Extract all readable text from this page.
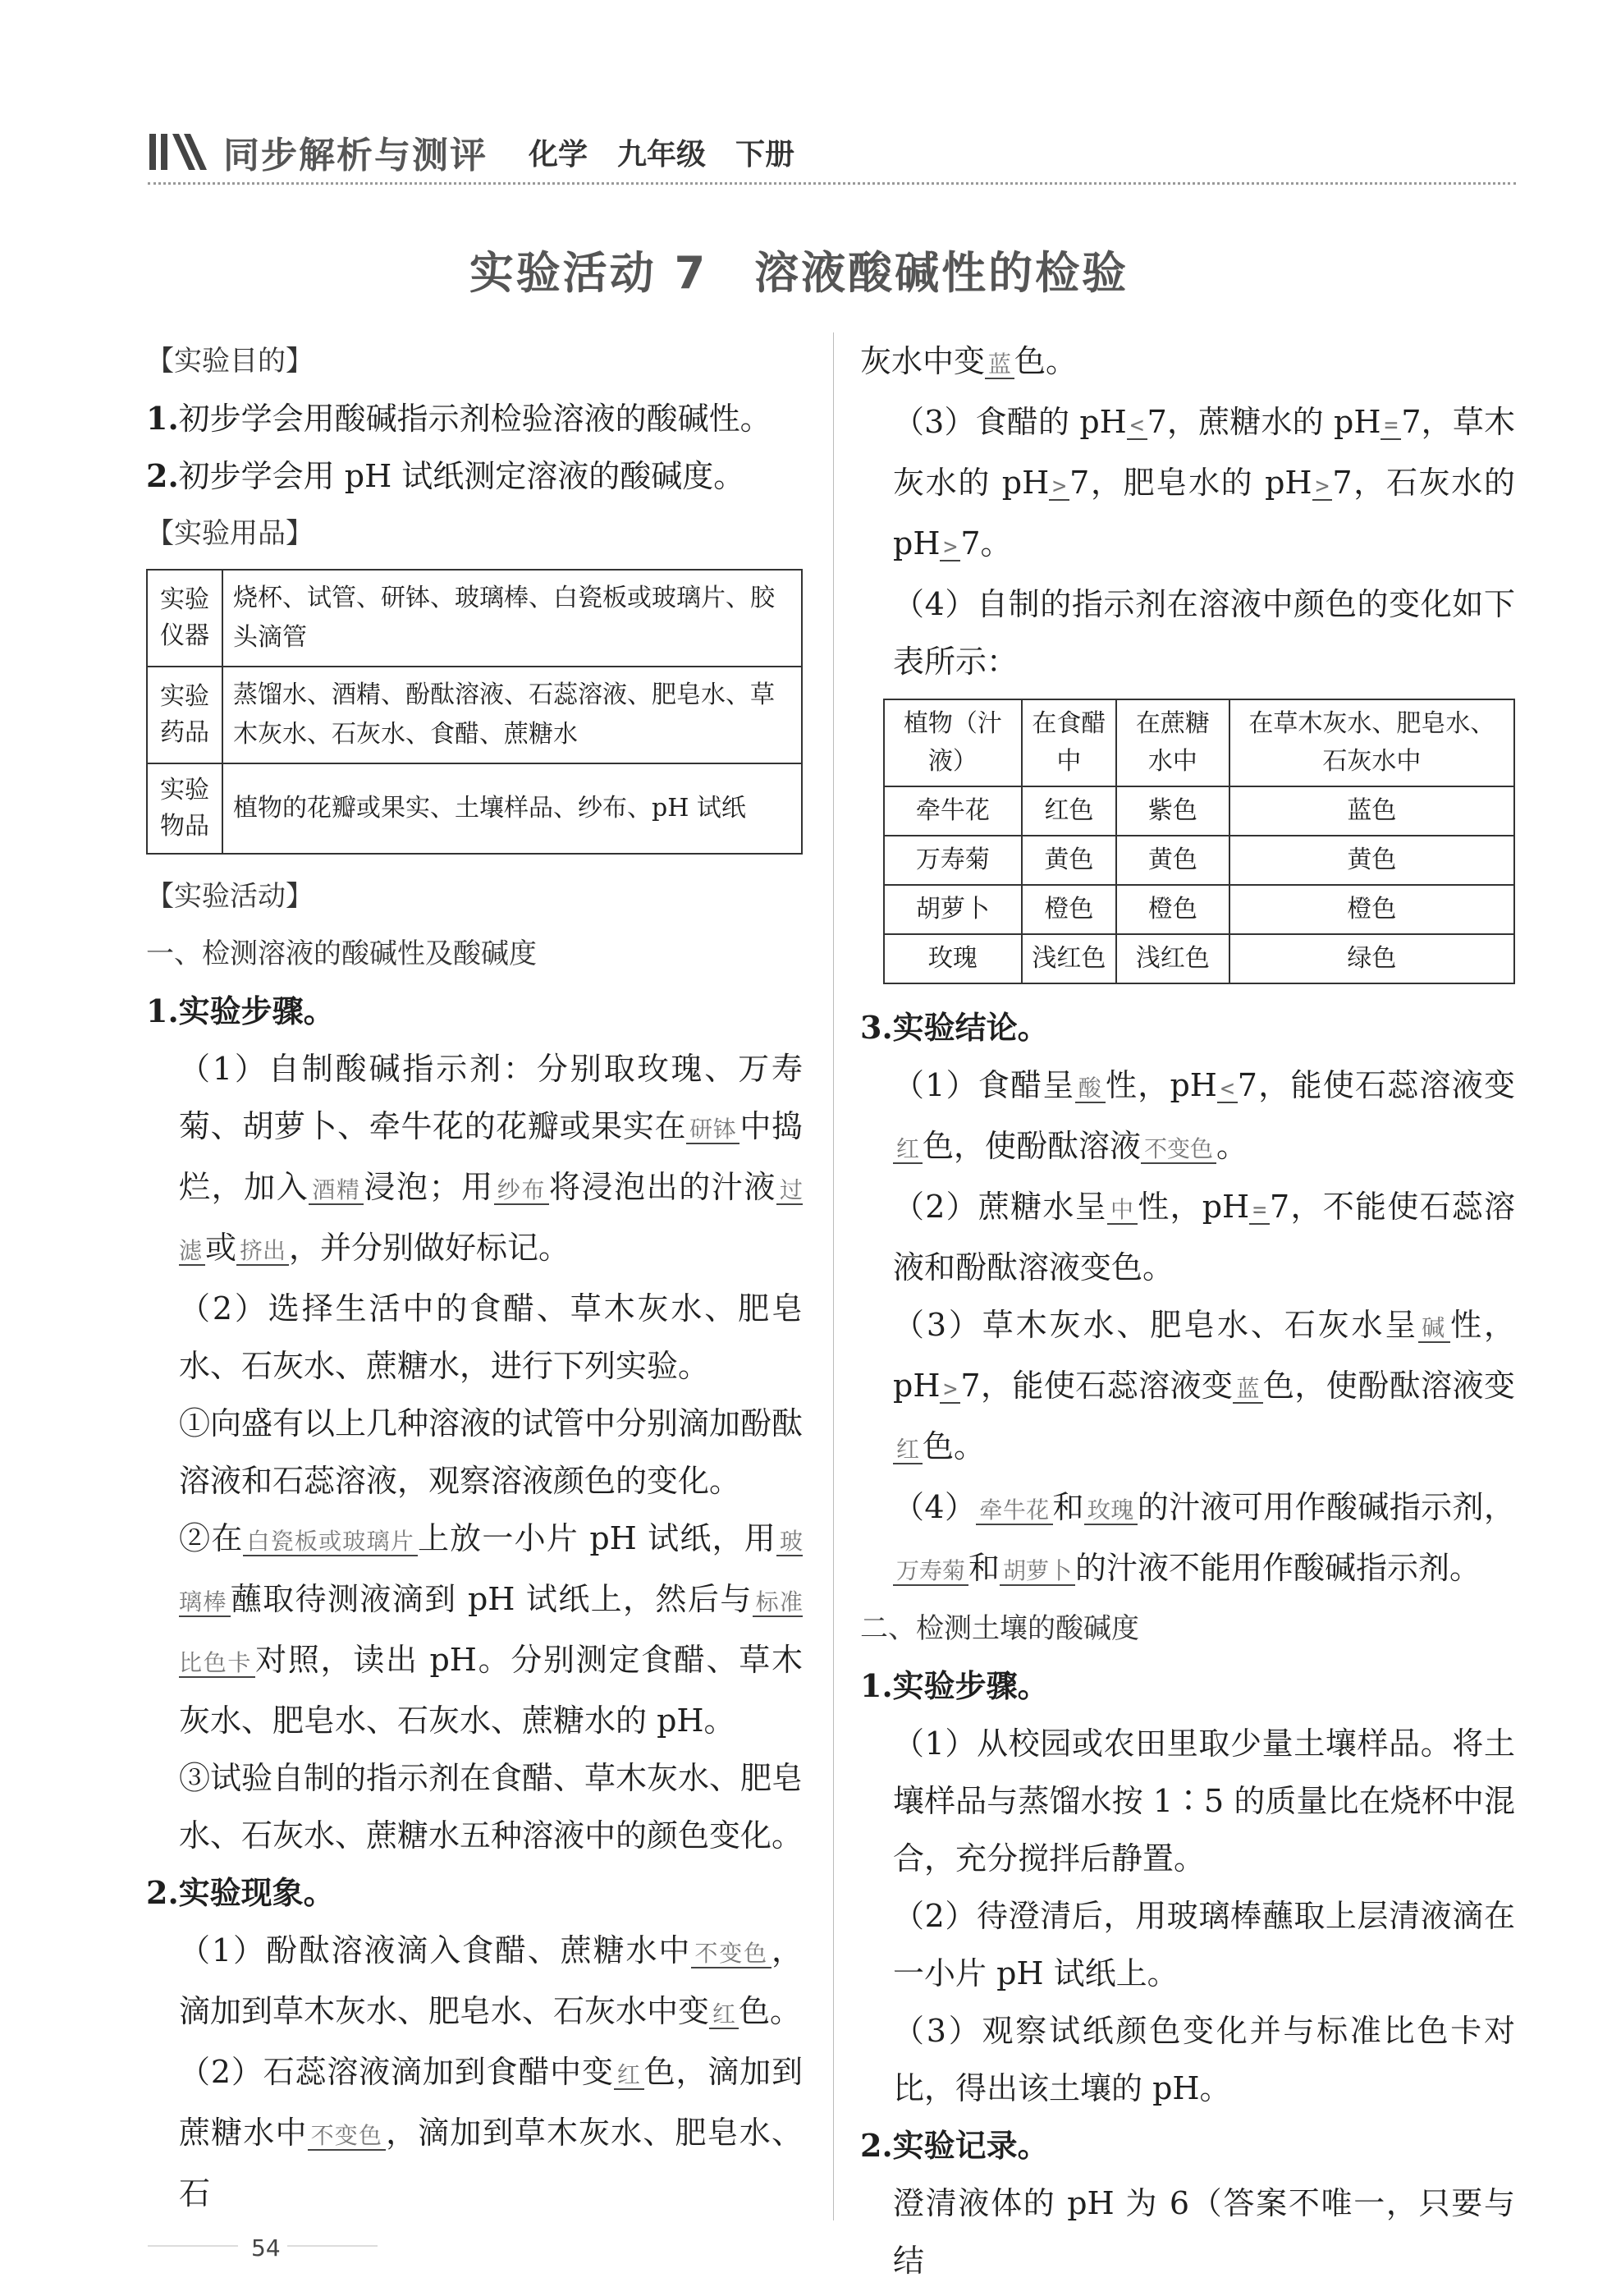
同步解析与测评 化学　九年级　下册
实验活动 7　溶液酸碱性的检验

【实验目的】

1.初步学会用酸碱指示剂检验溶液的酸碱性。

2.初步学会用 pH 试纸测定溶液的酸碱度。

【实验用品】

实验仪器	烧杯、试管、研钵、玻璃棒、白瓷板或玻璃片、胶头滴管
实验药品	蒸馏水、酒精、酚酞溶液、石蕊溶液、肥皂水、草木灰水、石灰水、食醋、蔗糖水
实验物品	植物的花瓣或果实、土壤样品、纱布、pH 试纸

【实验活动】

一、检测溶液的酸碱性及酸碱度

1.实验步骤。

（1）自制酸碱指示剂：分别取玫瑰、万寿菊、胡萝卜、牵牛花的花瓣或果实在 研钵 中捣烂，加入 酒精 浸泡；用 纱布 将浸泡出的汁液 过滤 或 挤出 ，并分别做好标记。

（2）选择生活中的食醋、草木灰水、肥皂水、石灰水、蔗糖水，进行下列实验。

①向盛有以上几种溶液的试管中分别滴加酚酞溶液和石蕊溶液，观察溶液颜色的变化。

②在 白瓷板或玻璃片 上放一小片 pH 试纸，用 玻璃棒 蘸取待测液滴到 pH 试纸上，然后与 标准比色卡 对照，读出 pH。分别测定食醋、草木灰水、肥皂水、石灰水、蔗糖水的 pH。

③试验自制的指示剂在食醋、草木灰水、肥皂水、石灰水、蔗糖水五种溶液中的颜色变化。

2.实验现象。

（1）酚酞溶液滴入食醋、蔗糖水中 不变色 ，滴加到草木灰水、肥皂水、石灰水中变 红 色。

（2）石蕊溶液滴加到食醋中变 红 色，滴加到蔗糖水中 不变色 ，滴加到草木灰水、肥皂水、石

灰水中变 蓝 色。

（3）食醋的 pH < 7，蔗糖水的 pH = 7，草木灰水的 pH > 7，肥皂水的 pH > 7，石灰水的 pH > 7。

（4）自制的指示剂在溶液中颜色的变化如下表所示：

植物（汁液）	在食醋中	在蔗糖水中	在草木灰水、肥皂水、石灰水中
牵牛花	红色	紫色	蓝色
万寿菊	黄色	黄色	黄色
胡萝卜	橙色	橙色	橙色
玫瑰	浅红色	浅红色	绿色

3.实验结论。

（1）食醋呈 酸 性，pH < 7，能使石蕊溶液变红 色，使酚酞溶液 不变色 。

（2）蔗糖水呈 中 性，pH = 7，不能使石蕊溶液和酚酞溶液变色。

（3）草木灰水、肥皂水、石灰水呈 碱 性，pH > 7，能使石蕊溶液变 蓝 色，使酚酞溶液变红 色。

（4） 牵牛花 和 玫瑰 的汁液可用作酸碱指示剂，万寿菊 和 胡萝卜 的汁液不能用作酸碱指示剂。

二、检测土壤的酸碱度

1.实验步骤。

（1）从校园或农田里取少量土壤样品。将土壤样品与蒸馏水按 1∶5 的质量比在烧杯中混合，充分搅拌后静置。

（2）待澄清后，用玻璃棒蘸取上层清液滴在一小片 pH 试纸上。

（3）观察试纸颜色变化并与标准比色卡对比，得出该土壤的 pH。

2.实验记录。

澄清液体的 pH 为 6（答案不唯一，只要与结

54
